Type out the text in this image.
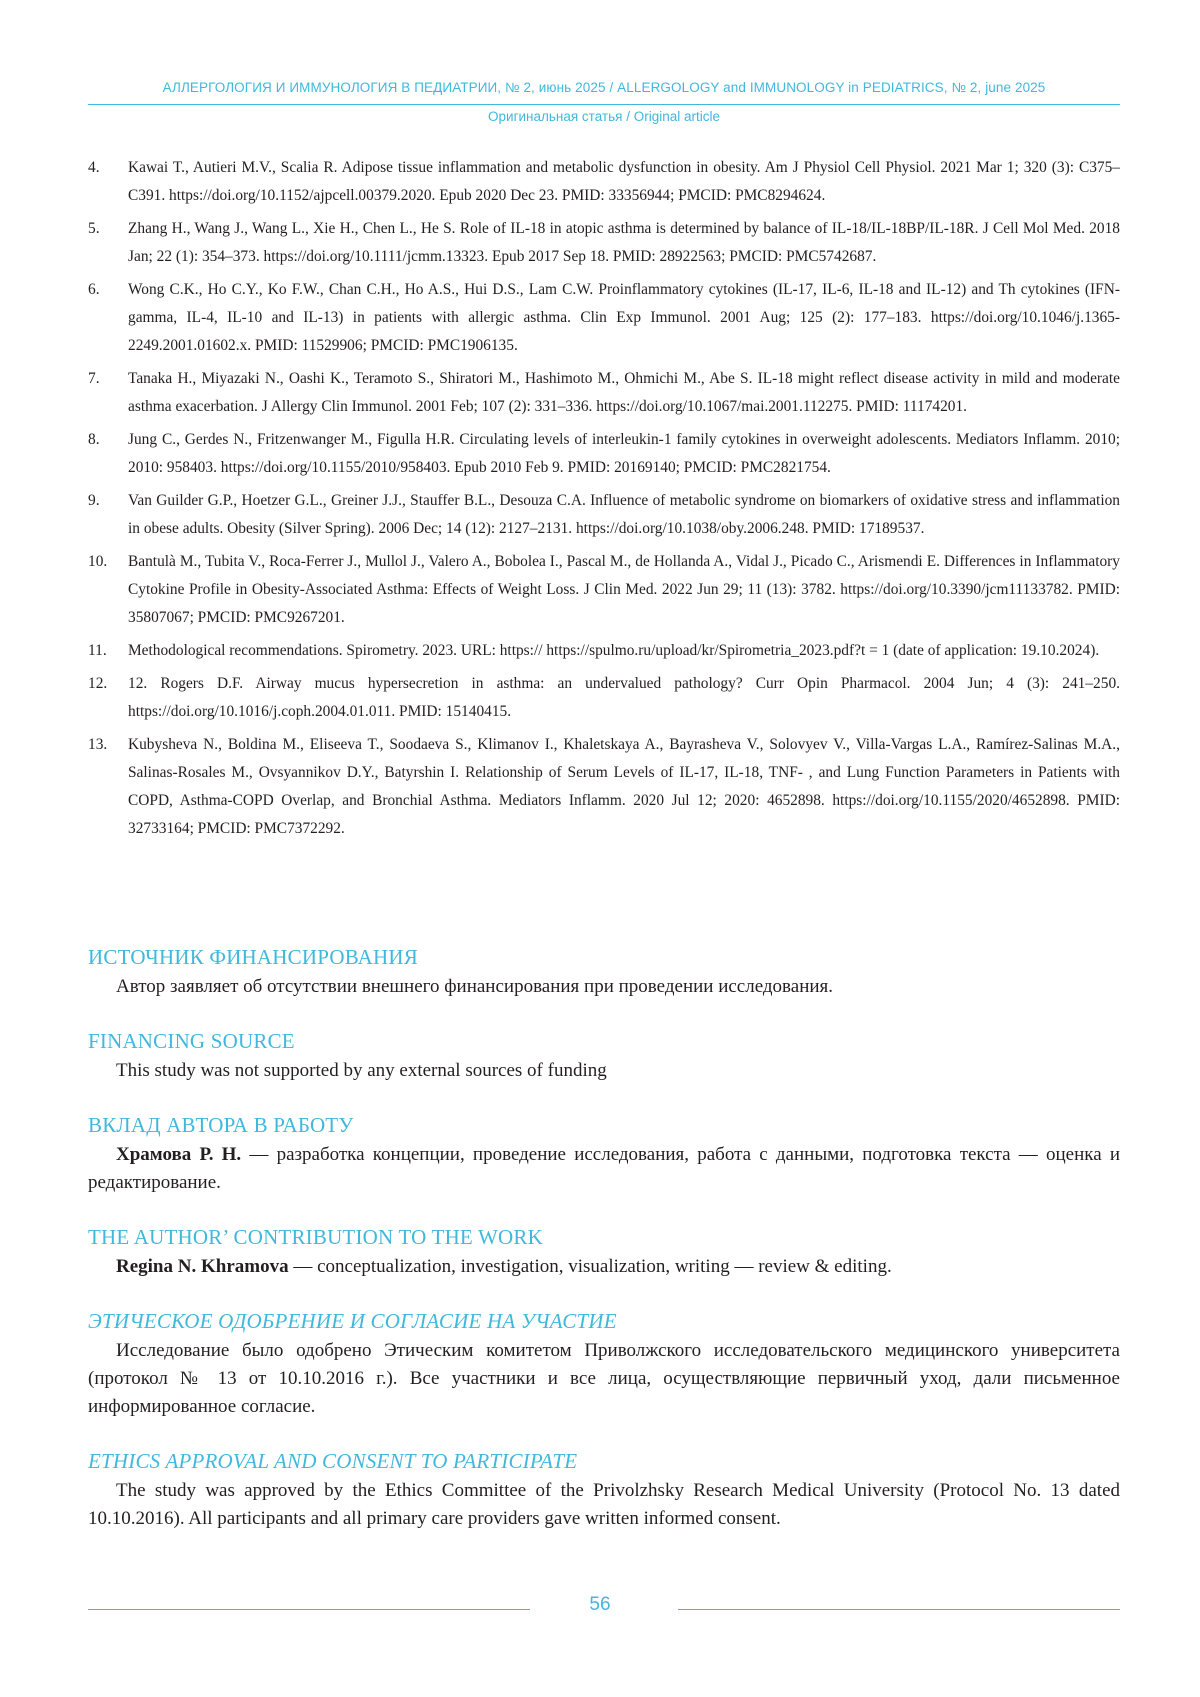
АЛЛЕРГОЛОГИЯ И ИММУНОЛОГИЯ В ПЕДИАТРИИ, № 2, июнь 2025 / ALLERGOLOGY and IMMUNOLOGY in PEDIATRICS, № 2, june 2025
Оригинальная статья / Original article
4. Kawai T., Autieri M.V., Scalia R. Adipose tissue inflammation and metabolic dysfunction in obesity. Am J Physiol Cell Physiol. 2021 Mar 1; 320 (3): C375–C391. https://doi.org/10.1152/ajpcell.00379.2020. Epub 2020 Dec 23. PMID: 33356944; PMCID: PMC8294624.
5. Zhang H., Wang J., Wang L., Xie H., Chen L., He S. Role of IL-18 in atopic asthma is determined by balance of IL-18/IL-18BP/IL-18R. J Cell Mol Med. 2018 Jan; 22 (1): 354–373. https://doi.org/10.1111/jcmm.13323. Epub 2017 Sep 18. PMID: 28922563; PMCID: PMC5742687.
6. Wong C.K., Ho C.Y., Ko F.W., Chan C.H., Ho A.S., Hui D.S., Lam C.W. Proinflammatory cytokines (IL-17, IL-6, IL-18 and IL-12) and Th cytokines (IFN-gamma, IL-4, IL-10 and IL-13) in patients with allergic asthma. Clin Exp Immunol. 2001 Aug; 125 (2): 177–183. https://doi.org/10.1046/j.1365-2249.2001.01602.x. PMID: 11529906; PMCID: PMC1906135.
7. Tanaka H., Miyazaki N., Oashi K., Teramoto S., Shiratori M., Hashimoto M., Ohmichi M., Abe S. IL-18 might reflect disease activity in mild and moderate asthma exacerbation. J Allergy Clin Immunol. 2001 Feb; 107 (2): 331–336. https://doi.org/10.1067/mai.2001.112275. PMID: 11174201.
8. Jung C., Gerdes N., Fritzenwanger M., Figulla H.R. Circulating levels of interleukin-1 family cytokines in overweight adolescents. Mediators Inflamm. 2010; 2010: 958403. https://doi.org/10.1155/2010/958403. Epub 2010 Feb 9. PMID: 20169140; PMCID: PMC2821754.
9. Van Guilder G.P., Hoetzer G.L., Greiner J.J., Stauffer B.L., Desouza C.A. Influence of metabolic syndrome on biomarkers of oxidative stress and inflammation in obese adults. Obesity (Silver Spring). 2006 Dec; 14 (12): 2127–2131. https://doi.org/10.1038/oby.2006.248. PMID: 17189537.
10. Bantulà M., Tubita V., Roca-Ferrer J., Mullol J., Valero A., Bobolea I., Pascal M., de Hollanda A., Vidal J., Picado C., Arismendi E. Differences in Inflammatory Cytokine Profile in Obesity-Associated Asthma: Effects of Weight Loss. J Clin Med. 2022 Jun 29; 11 (13): 3782. https://doi.org/10.3390/jcm11133782. PMID: 35807067; PMCID: PMC9267201.
11. Methodological recommendations. Spirometry. 2023. URL: https:// https://spulmo.ru/upload/kr/Spirometria_2023.pdf?t = 1 (date of application: 19.10.2024).
12. 12. Rogers D.F. Airway mucus hypersecretion in asthma: an undervalued pathology? Curr Opin Pharmacol. 2004 Jun; 4 (3): 241–250. https://doi.org/10.1016/j.coph.2004.01.011. PMID: 15140415.
13. Kubysheva N., Boldina M., Eliseeva T., Soodaeva S., Klimanov I., Khaletskaya A., Bayrasheva V., Solovyev V., Villa-Vargas L.A., Ramírez-Salinas M.A., Salinas-Rosales M., Ovsyannikov D.Y., Batyrshin I. Relationship of Serum Levels of IL-17, IL-18, TNF- , and Lung Function Parameters in Patients with COPD, Asthma-COPD Overlap, and Bronchial Asthma. Mediators Inflamm. 2020 Jul 12; 2020: 4652898. https://doi.org/10.1155/2020/4652898. PMID: 32733164; PMCID: PMC7372292.
ИСТОЧНИК ФИНАНСИРОВАНИЯ

Автор заявляет об отсутствии внешнего финансирования при проведении исследования.

FINANCING SOURCE

This study was not supported by any external sources of funding

ВКЛАД АВТОРА В РАБОТУ

Храмова Р. Н. — разработка концепции, проведение исследования, работа с данными, подготовка текста — оценка и редактирование.

THE AUTHOR’ CONTRIBUTION TO THE WORK

Regina N. Khramova — conceptualization, investigation, visualization, writing — review & editing.

ЭТИЧЕСКОЕ ОДОБРЕНИЕ И СОГЛАСИЕ НА УЧАСТИЕ

Исследование было одобрено Этическим комитетом Приволжского исследовательского медицинского университета (протокол № 13 от 10.10.2016 г.). Все участники и все лица, осуществляющие первичный уход, дали письменное информированное согласие.

ETHICS APPROVAL AND CONSENT TO PARTICIPATE

The study was approved by the Ethics Committee of the Privolzhsky Research Medical University (Protocol No. 13 dated 10.10.2016). All participants and all primary care providers gave written informed consent.

56
